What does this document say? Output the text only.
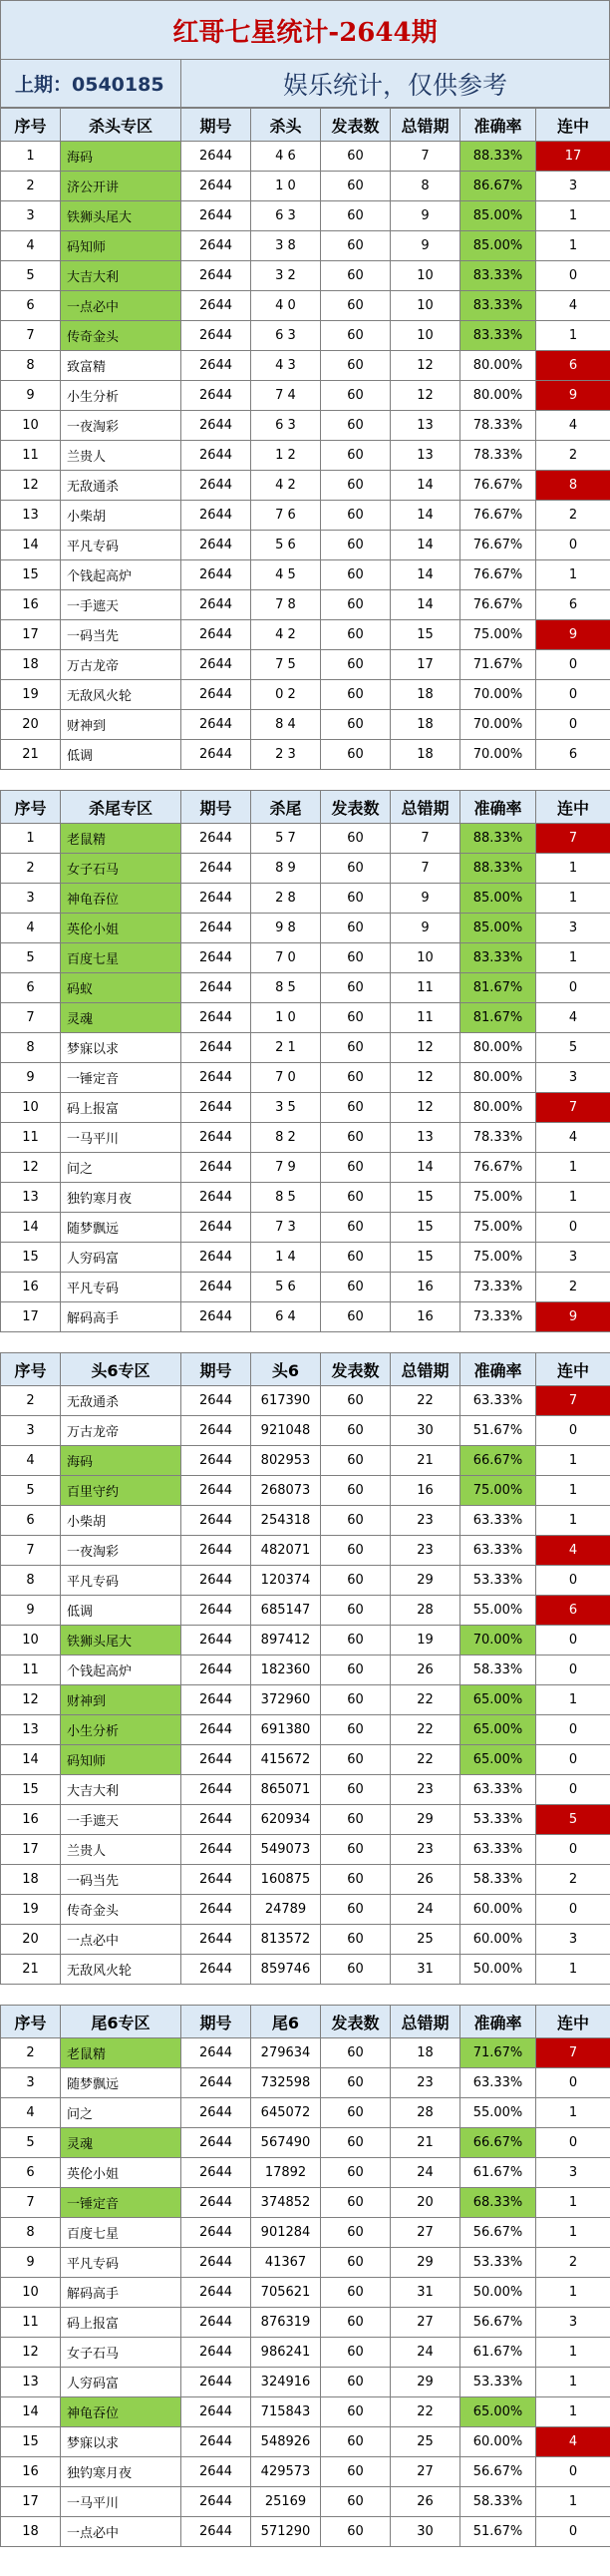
红哥七星统计-2644期
上期：0540185	娱乐统计，仅供参考
序号	杀头专区	期号	杀头	发表数	总错期	准确率	连中
1	海码	2644	4 6	60	7	88.33%	17
2	济公开讲	2644	1 0	60	8	86.67%	3
3	铁狮头尾大	2644	6 3	60	9	85.00%	1
4	码知师	2644	3 8	60	9	85.00%	1
5	大吉大利	2644	3 2	60	10	83.33%	0
6	一点必中	2644	4 0	60	10	83.33%	4
7	传奇金头	2644	6 3	60	10	83.33%	1
8	致富精	2644	4 3	60	12	80.00%	6
9	小生分析	2644	7 4	60	12	80.00%	9
10	一夜淘彩	2644	6 3	60	13	78.33%	4
11	兰贵人	2644	1 2	60	13	78.33%	2
12	无敌通杀	2644	4 2	60	14	76.67%	8
13	小柴胡	2644	7 6	60	14	76.67%	2
14	平凡专码	2644	5 6	60	14	76.67%	0
15	个钱起高炉	2644	4 5	60	14	76.67%	1
16	一手遮天	2644	7 8	60	14	76.67%	6
17	一码当先	2644	4 2	60	15	75.00%	9
18	万古龙帝	2644	7 5	60	17	71.67%	0
19	无敌风火轮	2644	0 2	60	18	70.00%	0
20	财神到	2644	8 4	60	18	70.00%	0
21	低调	2644	2 3	60	18	70.00%	6
序号	杀尾专区	期号	杀尾	发表数	总错期	准确率	连中
1	老鼠精	2644	5 7	60	7	88.33%	7
2	女子石马	2644	8 9	60	7	88.33%	1
3	神龟吞位	2644	2 8	60	9	85.00%	1
4	英伦小姐	2644	9 8	60	9	85.00%	3
5	百度七星	2644	7 0	60	10	83.33%	1
6	码蚁	2644	8 5	60	11	81.67%	0
7	灵魂	2644	1 0	60	11	81.67%	4
8	梦寐以求	2644	2 1	60	12	80.00%	5
9	一锤定音	2644	7 0	60	12	80.00%	3
10	码上报富	2644	3 5	60	12	80.00%	7
11	一马平川	2644	8 2	60	13	78.33%	4
12	问之	2644	7 9	60	14	76.67%	1
13	独钓寒月夜	2644	8 5	60	15	75.00%	1
14	随梦飘远	2644	7 3	60	15	75.00%	0
15	人穷码富	2644	1 4	60	15	75.00%	3
16	平凡专码	2644	5 6	60	16	73.33%	2
17	解码高手	2644	6 4	60	16	73.33%	9
序号	头6专区	期号	头6	发表数	总错期	准确率	连中
2	无敌通杀	2644	617390	60	22	63.33%	7
3	万古龙帝	2644	921048	60	30	51.67%	0
4	海码	2644	802953	60	21	66.67%	1
5	百里守约	2644	268073	60	16	75.00%	1
6	小柴胡	2644	254318	60	23	63.33%	1
7	一夜淘彩	2644	482071	60	23	63.33%	4
8	平凡专码	2644	120374	60	29	53.33%	0
9	低调	2644	685147	60	28	55.00%	6
10	铁狮头尾大	2644	897412	60	19	70.00%	0
11	个钱起高炉	2644	182360	60	26	58.33%	0
12	财神到	2644	372960	60	22	65.00%	1
13	小生分析	2644	691380	60	22	65.00%	0
14	码知师	2644	415672	60	22	65.00%	0
15	大吉大利	2644	865071	60	23	63.33%	0
16	一手遮天	2644	620934	60	29	53.33%	5
17	兰贵人	2644	549073	60	23	63.33%	0
18	一码当先	2644	160875	60	26	58.33%	2
19	传奇金头	2644	24789	60	24	60.00%	0
20	一点必中	2644	813572	60	25	60.00%	3
21	无敌风火轮	2644	859746	60	31	50.00%	1
序号	尾6专区	期号	尾6	发表数	总错期	准确率	连中
2	老鼠精	2644	279634	60	18	71.67%	7
3	随梦飘远	2644	732598	60	23	63.33%	0
4	问之	2644	645072	60	28	55.00%	1
5	灵魂	2644	567490	60	21	66.67%	0
6	英伦小姐	2644	17892	60	24	61.67%	3
7	一锤定音	2644	374852	60	20	68.33%	1
8	百度七星	2644	901284	60	27	56.67%	1
9	平凡专码	2644	41367	60	29	53.33%	2
10	解码高手	2644	705621	60	31	50.00%	1
11	码上报富	2644	876319	60	27	56.67%	3
12	女子石马	2644	986241	60	24	61.67%	1
13	人穷码富	2644	324916	60	29	53.33%	1
14	神龟吞位	2644	715843	60	22	65.00%	1
15	梦寐以求	2644	548926	60	25	60.00%	4
16	独钓寒月夜	2644	429573	60	27	56.67%	0
17	一马平川	2644	25169	60	26	58.33%	1
18	一点必中	2644	571290	60	30	51.67%	0
